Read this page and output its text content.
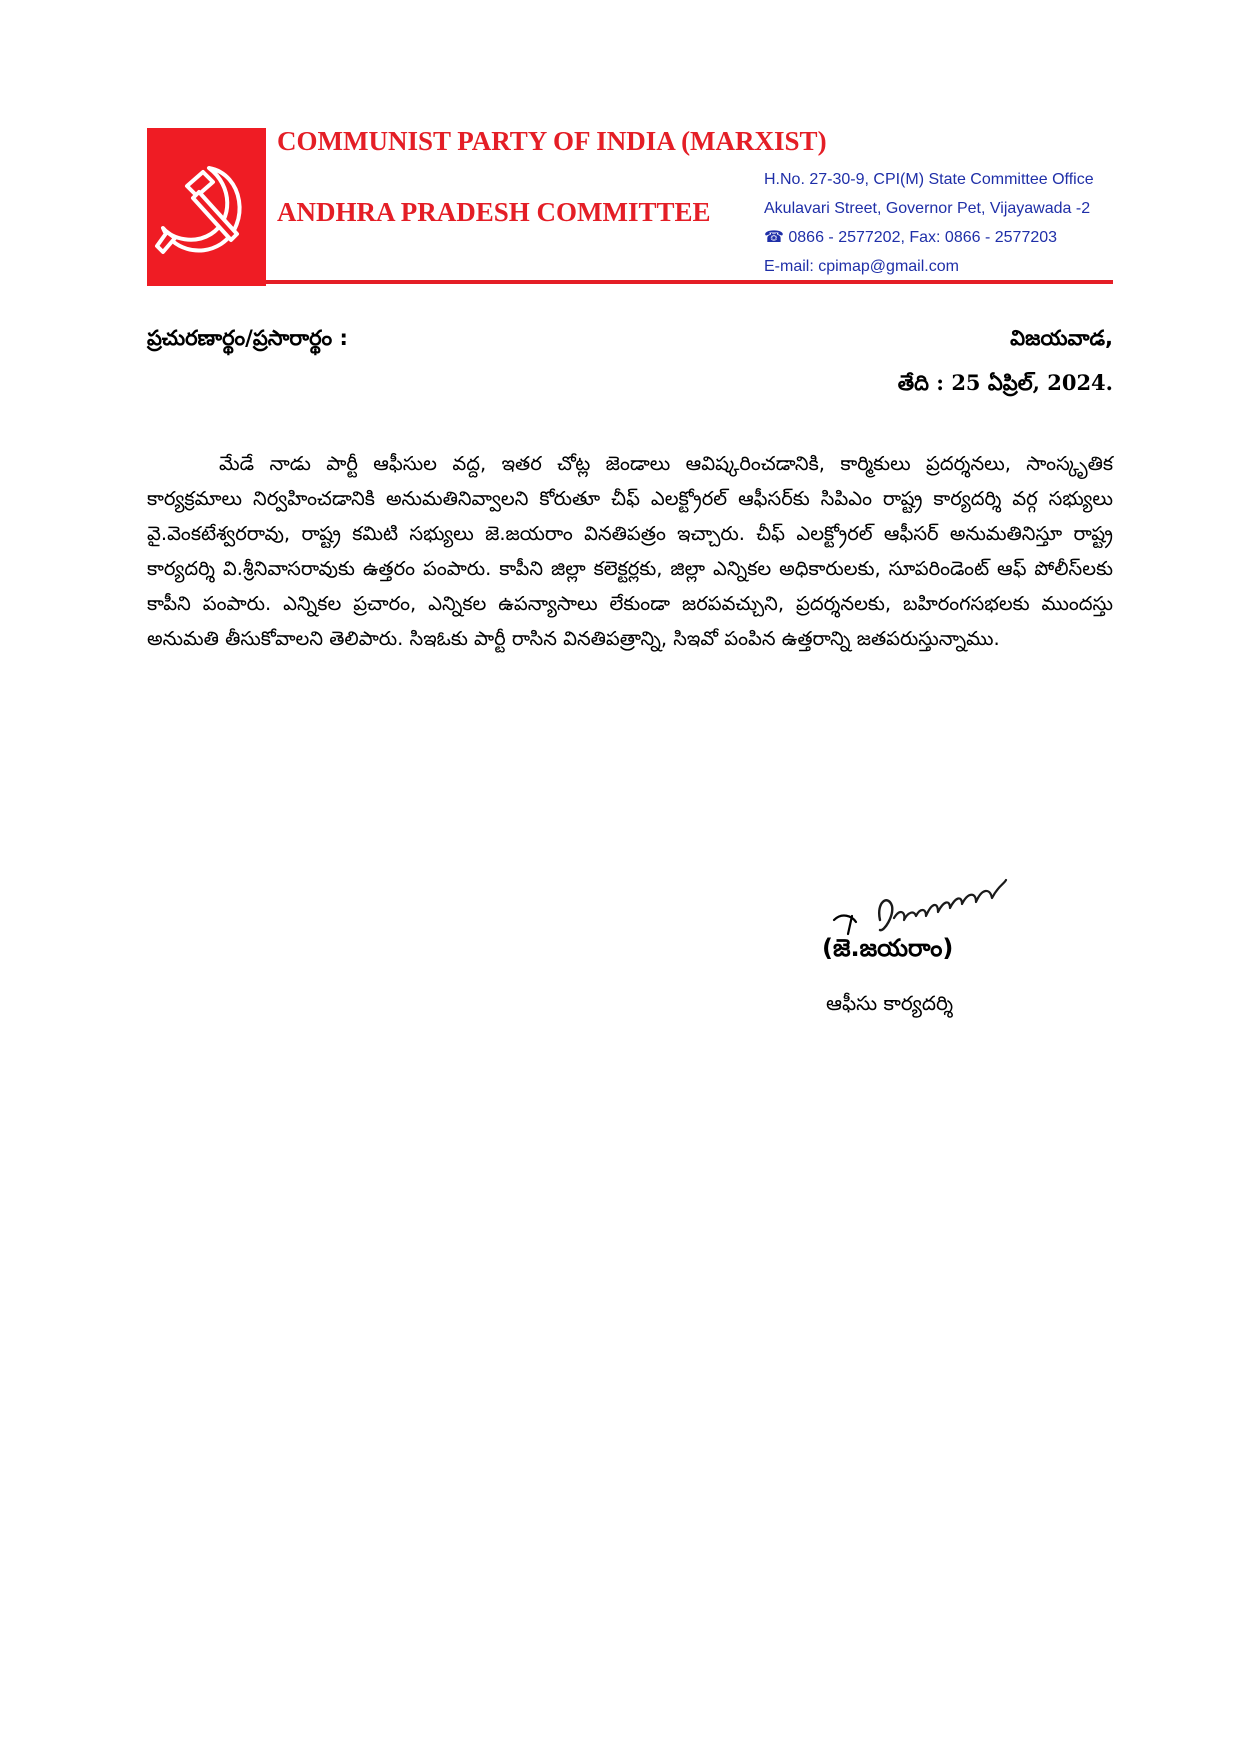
COMMUNIST PARTY OF INDIA (MARXIST)
ANDHRA PRADESH COMMITTEE
H.No. 27-30-9, CPI(M) State Committee Office
Akulavari Street, Governor Pet, Vijayawada -2
☎ 0866 - 2577202, Fax: 0866 - 2577203
E-mail: cpimap@gmail.com
ప్రచురణార్థం/ప్రసారార్థం :	విజయవాడ,
తేది : 25 ఏప్రిల్, 2024.
మేడే నాడు పార్టీ ఆఫీసుల వద్ద, ఇతర చోట్ల జెండాలు ఆవిష్కరించడానికి, కార్మికులు ప్రదర్శనలు, సాంస్కృతిక కార్యక్రమాలు నిర్వహించడానికి అనుమతినివ్వాలని కోరుతూ చీఫ్ ఎలక్ట్రోరల్ ఆఫీసర్‌కు సిపిఎం రాష్ట్ర కార్యదర్శి వర్గ సభ్యులు వై.వెంకటేశ్వరరావు, రాష్ట్ర కమిటి సభ్యులు జె.జయరాం వినతిపత్రం ఇచ్చారు. చీఫ్ ఎలక్ట్రోరల్ ఆఫీసర్ అనుమతినిస్తూ రాష్ట్ర కార్యదర్శి వి.శ్రీనివాసరావుకు ఉత్తరం పంపారు. కాపీని జిల్లా కలెక్టర్లకు, జిల్లా ఎన్నికల అధికారులకు, సూపరిండెంట్ ఆఫ్ పోలీస్‌లకు కాపీని పంపారు. ఎన్నికల ప్రచారం, ఎన్నికల ఉపన్యాసాలు లేకుండా జరపవచ్చుని, ప్రదర్శనలకు, బహిరంగసభలకు ముందస్తు అనుమతి తీసుకోవాలని తెలిపారు. సిఇఓకు పార్టీ రాసిన వినతిపత్రాన్ని, సిఇవో పంపిన ఉత్తరాన్ని జతపరుస్తున్నాము.
(జె.జయరాం)
ఆఫీసు కార్యదర్శి
